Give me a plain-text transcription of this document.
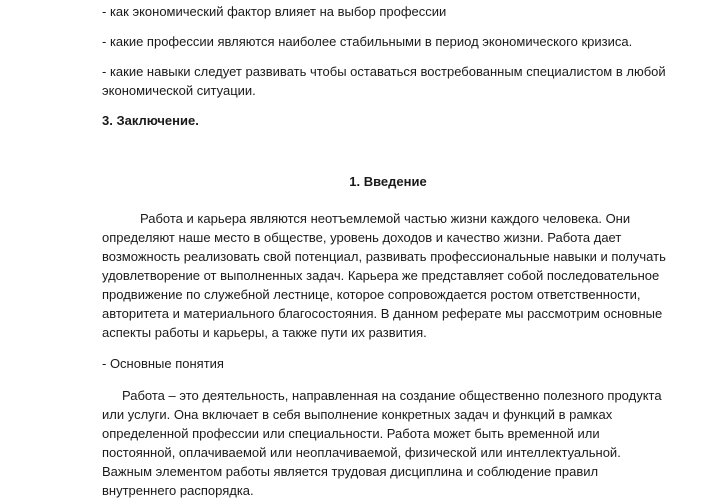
- как экономический фактор влияет на выбор профессии

- какие профессии являются наиболее стабильными в период экономического кризиса.

- какие навыки следует развивать чтобы оставаться востребованным специалистом в любой экономической ситуации.

3. Заключение.

1. Введение

Работа и карьера являются неотъемлемой частью жизни каждого человека. Они определяют наше место в обществе, уровень доходов и качество жизни. Работа дает возможность реализовать свой потенциал, развивать профессиональные навыки и получать удовлетворение от выполненных задач. Карьера же представляет собой последовательное продвижение по служебной лестнице, которое сопровождается ростом ответственности, авторитета и материального благосостояния. В данном реферате мы рассмотрим основные аспекты работы и карьеры, а также пути их развития.

- Основные понятия

Работа – это деятельность, направленная на создание общественно полезного продукта или услуги. Она включает в себя выполнение конкретных задач и функций в рамках определенной профессии или специальности. Работа может быть временной или постоянной, оплачиваемой или неоплачиваемой, физической или интеллектуальной. Важным элементом работы является трудовая дисциплина и соблюдение правил внутреннего распорядка.
